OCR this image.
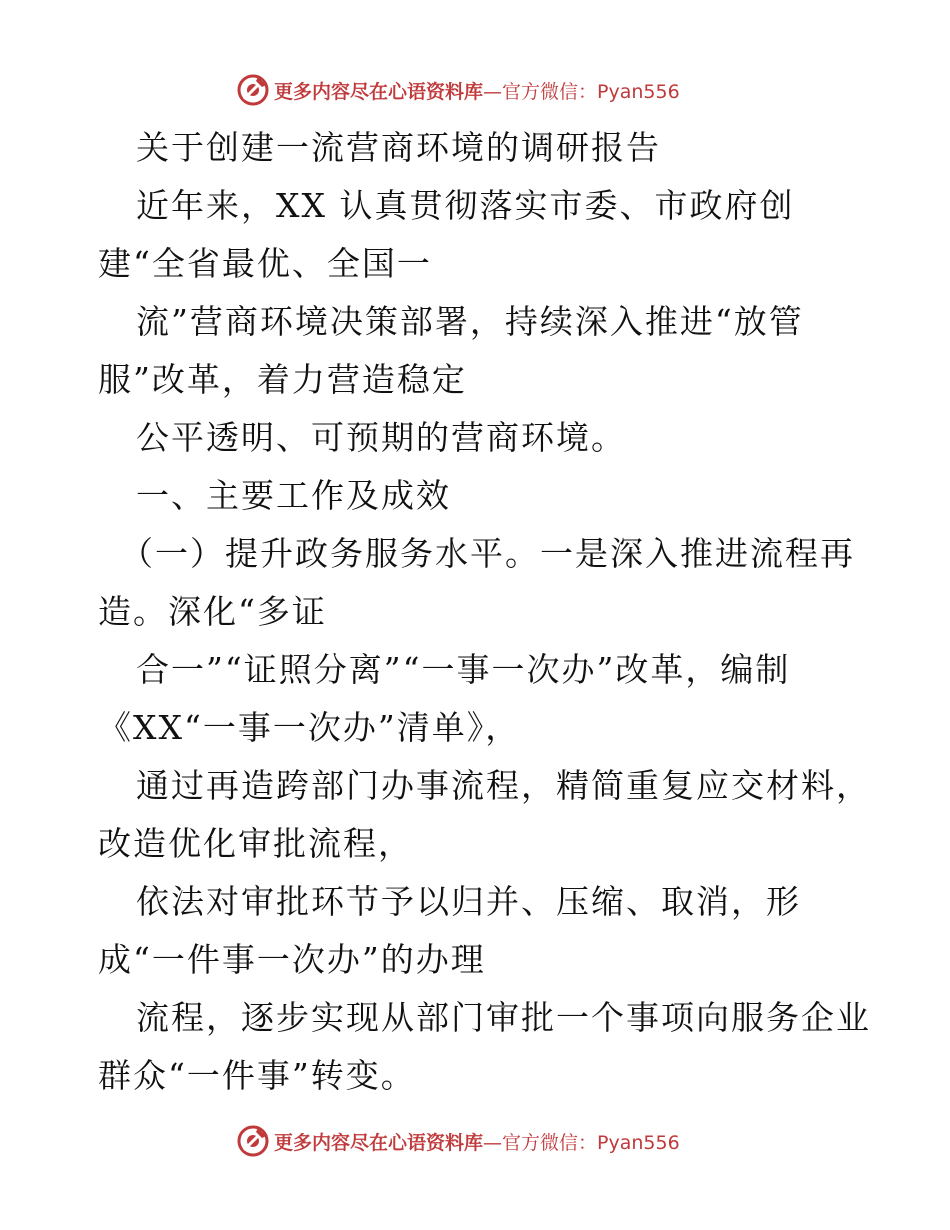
更多内容尽在心语资料库 —官方微信：Pyan556
关于创建一流营商环境的调研报告
近年来，XX 认真贯彻落实市委、市政府创
建“全省最优、全国一
流”营商环境决策部署，持续深入推进“放管
服”改革，着力营造稳定
公平透明、可预期的营商环境。
一、主要工作及成效
（一）提升政务服务水平。一是深入推进流程再
造。深化“多证
合一”“证照分离”“一事一次办”改革，编制
《XX“一事一次办”清单》，
通过再造跨部门办事流程，精简重复应交材料，
改造优化审批流程，
依法对审批环节予以归并、压缩、取消，形
成“一件事一次办”的办理
流程，逐步实现从部门审批一个事项向服务企业
群众“一件事”转变。
更多内容尽在心语资料库 —官方微信：Pyan556
